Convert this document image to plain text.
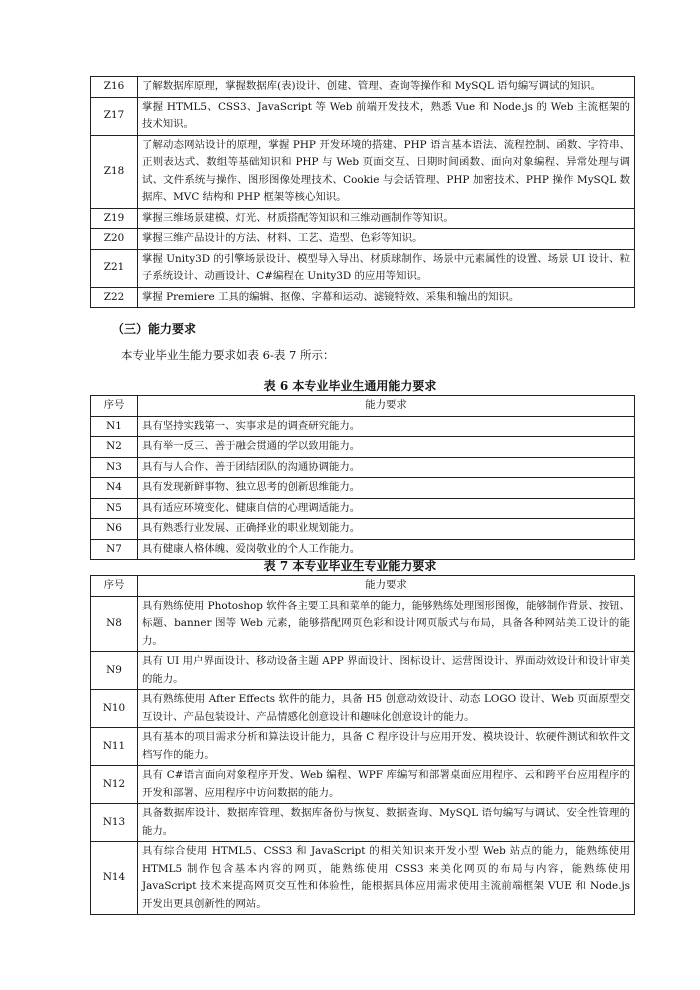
Z16	了解数据库原理，掌握数据库(表)设计、创建、管理、查询等操作和 MySQL 语句编写调试的知识。
Z17	掌握 HTML5、CSS3、JavaScript 等 Web 前端开发技术，熟悉 Vue 和 Node.js 的 Web 主流框架的技术知识。
Z18	了解动态网站设计的原理，掌握 PHP 开发环境的搭建、PHP 语言基本语法、流程控制、函数、字符串、正则表达式、数组等基础知识和 PHP 与 Web 页面交互、日期时间函数、面向对象编程、异常处理与调试、文件系统与操作、图形图像处理技术、Cookie 与会话管理、PHP 加密技术、PHP 操作 MySQL 数据库、MVC 结构和 PHP 框架等核心知识。
Z19	掌握三维场景建模、灯光、材质搭配等知识和三维动画制作等知识。
Z20	掌握三维产品设计的方法、材料、工艺、造型、色彩等知识。
Z21	掌握 Unity3D 的引擎场景设计、模型导入导出、材质球制作、场景中元素属性的设置、场景 UI 设计、粒子系统设计、动画设计、C#编程在 Unity3D 的应用等知识。
Z22	掌握 Premiere 工具的编辑、抠像、字幕和运动、滤镜特效、采集和输出的知识。
（三）能力要求
本专业毕业生能力要求如表 6-表 7 所示：
表 6 本专业毕业生通用能力要求
序号	能力要求
N1	具有坚持实践第一、实事求是的调查研究能力。
N2	具有举一反三、善于融会贯通的学以致用能力。
N3	具有与人合作、善于团结团队的沟通协调能力。
N4	具有发现新鲜事物、独立思考的创新思维能力。
N5	具有适应环境变化、健康自信的心理调适能力。
N6	具有熟悉行业发展、正确择业的职业规划能力。
N7	具有健康人格体魄、爱岗敬业的个人工作能力。
表 7 本专业毕业生专业能力要求
序号	能力要求
N8	具有熟练使用 Photoshop 软件各主要工具和菜单的能力，能够熟练处理图形图像，能够制作背景、按钮、标题、banner 图等 Web 元素，能够搭配网页色彩和设计网页版式与布局，具备各种网站美工设计的能力。
N9	具有 UI 用户界面设计、移动设备主题 APP 界面设计、图标设计、运营图设计、界面动效设计和设计审美的能力。
N10	具有熟练使用 After Effects 软件的能力，具备 H5 创意动效设计、动态 LOGO 设计、Web 页面原型交互设计、产品包装设计、产品情感化创意设计和趣味化创意设计的能力。
N11	具有基本的项目需求分析和算法设计能力，具备 C 程序设计与应用开发、模块设计、软硬件测试和软件文档写作的能力。
N12	具有 C#语言面向对象程序开发、Web 编程、WPF 库编写和部署桌面应用程序、云和跨平台应用程序的开发和部署、应用程序中访问数据的能力。
N13	具备数据库设计、数据库管理、数据库备份与恢复、数据查询、MySQL 语句编写与调试、安全性管理的能力。
N14	具有综合使用 HTML5、CSS3 和 JavaScript 的相关知识来开发小型 Web 站点的能力，能熟练使用 HTML5 制作包含基本内容的网页，能熟练使用 CSS3 来美化网页的布局与内容，能熟练使用 JavaScript 技术来提高网页交互性和体验性，能根据具体应用需求使用主流前端框架 VUE 和 Node.js 开发出更具创新性的网站。
